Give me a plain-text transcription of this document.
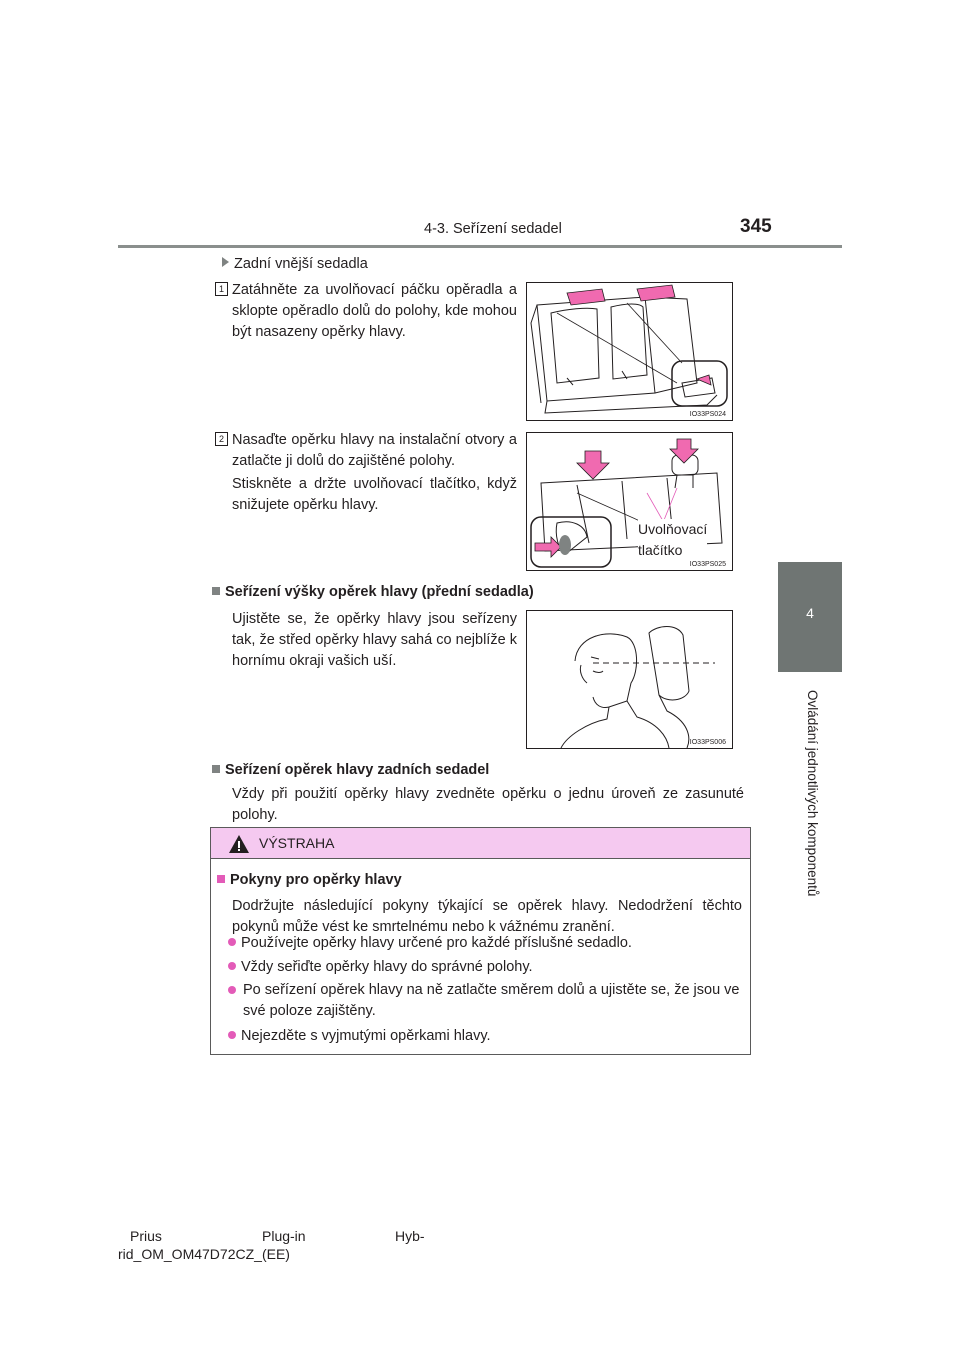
4-3. Seřízení sedadel	345
4
Ovládání jednotlivých komponentů
Zadní vnější sedadla
1 Zatáhněte za uvolňovací páčku opěradla a sklopte opěradlo dolů do polohy, kde mohou být nasazeny opěrky hlavy.

IO33PS024
2 Nasaďte opěrku hlavy na instalační otvory a zatlačte ji dolů do zajištěné polohy.

Stiskněte a držte uvolňovací tlačítko, když snižujete opěrku hlavy.

Uvolňovací
tlačítko
IO33PS025
Seřízení výšky opěrek hlavy (přední sedadla)

Ujistěte se, že opěrky hlavy jsou seřízeny tak, že střed opěrky hlavy sahá co nejblíže k hornímu okraji vašich uší.

IO33PS006
Seřízení opěrek hlavy zadních sedadel

Vždy při použití opěrky hlavy zvedněte opěrku o jednu úroveň ze zasunuté polohy.

VÝSTRAHA
Pokyny pro opěrky hlavy

Dodržujte následující pokyny týkající se opěrek hlavy. Nedodržení těchto pokynů může vést ke smrtelnému nebo k vážnému zranění.

Používejte opěrky hlavy určené pro každé příslušné sedadlo.
Vždy seřiďte opěrky hlavy do správné polohy.

Po seřízení opěrek hlavy na ně zatlačte směrem dolů a ujistěte se, že jsou ve své poloze zajištěny.

Nejezděte s vyjmutými opěrkami hlavy.
Prius	Plug-in	Hyb-
rid_OM_OM47D72CZ_(EE)
